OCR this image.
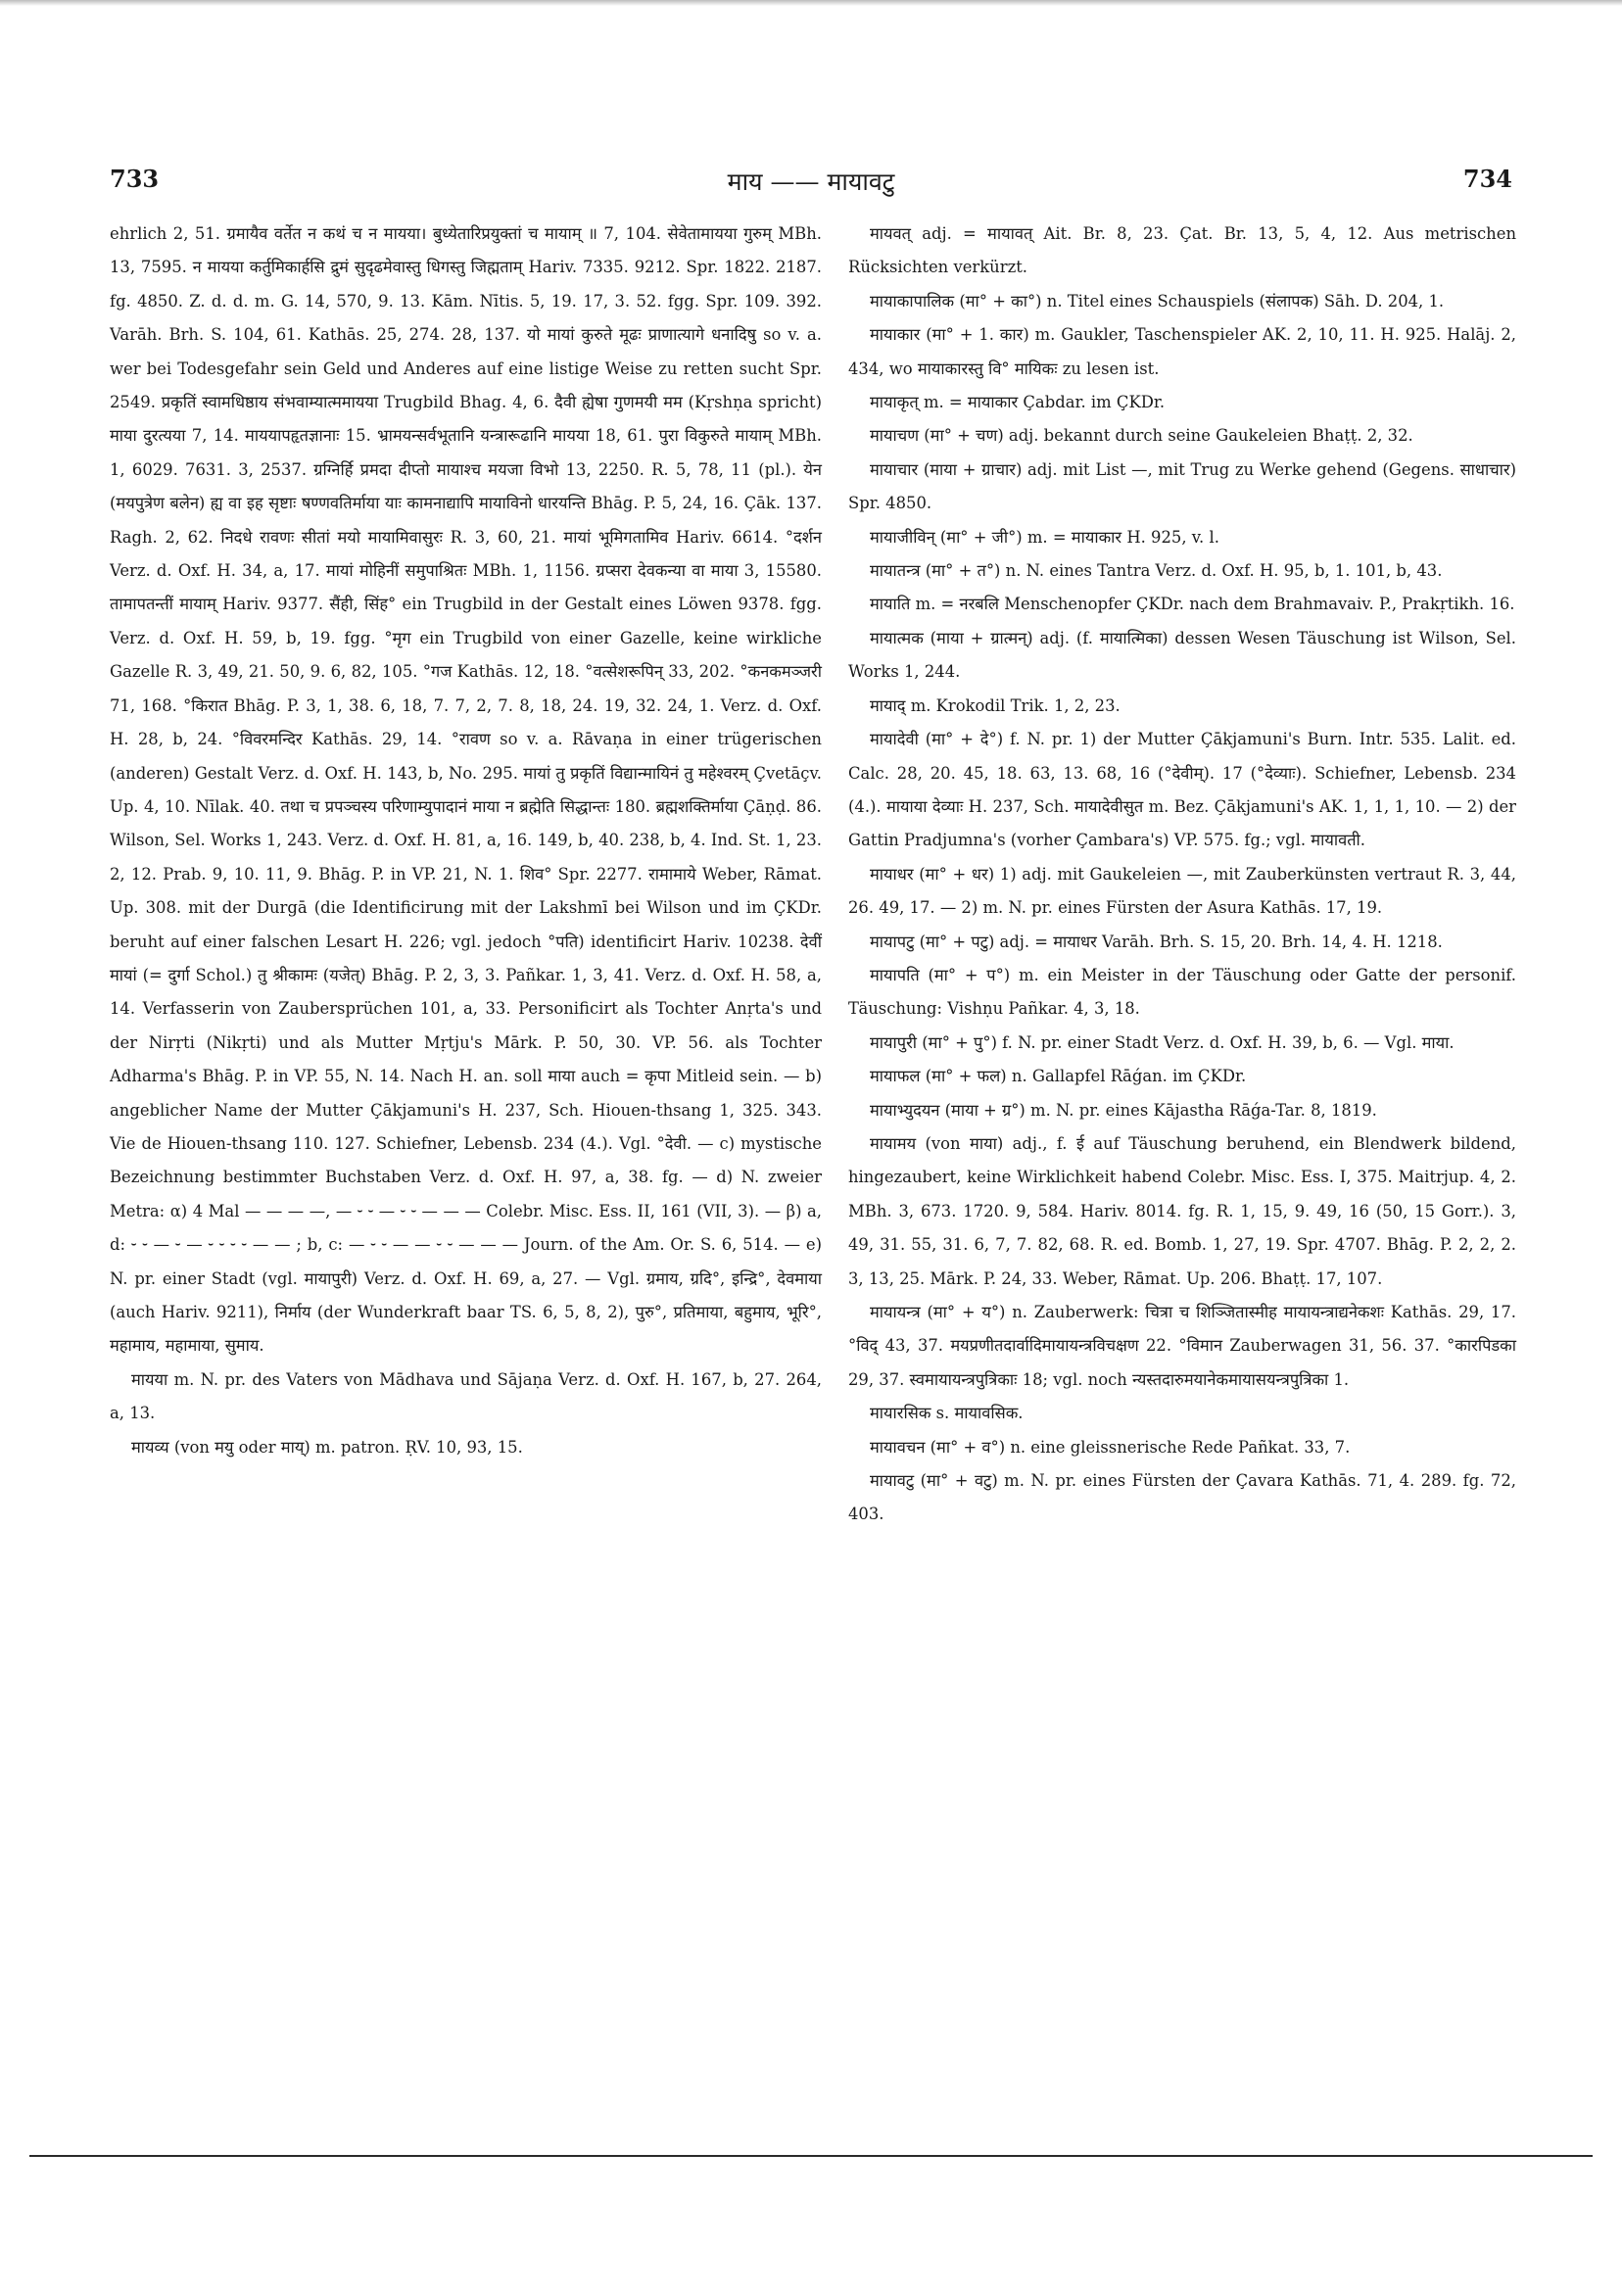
733	माय —— मायावटु	734

ehrlich 2, 51. ग्रमायैव वर्तेत न कथं च न मायया। बुध्येतारिप्रयुक्तां च मायाम् ॥ 7, 104. सेवेतामायया गुरुम् MBh. 13, 7595. न मायया कर्तुमिकार्हसि द्रुमं सुदृढमेवास्तु धिगस्तु जिह्मताम् Hariv. 7335. 9212. Spr. 1822. 2187. fg. 4850. Z. d. d. m. G. 14, 570, 9. 13. Kām. Nītis. 5, 19. 17, 3. 52. fgg. Spr. 109. 392. Varāh. Brh. S. 104, 61. Kathās. 25, 274. 28, 137. यो मायां कुरुते मूढः प्राणात्यागे धनादिषु so v. a. wer bei Todesgefahr sein Geld und Anderes auf eine listige Weise zu retten sucht Spr. 2549. प्रकृतिं स्वामधिष्ठाय संभवाम्यात्ममायया Trugbild Bhag. 4, 6. दैवी ह्येषा गुणमयी मम (Kṛshṇa spricht) माया दुरत्यया 7, 14. माययापहृतज्ञानाः 15. भ्रामयन्सर्वभूतानि यन्त्रारूढानि मायया 18, 61. पुरा विकुरुते मायाम् MBh. 1, 6029. 7631. 3, 2537. ग्रग्निर्हि प्रमदा दीप्तो मायाश्च मयजा विभो 13, 2250. R. 5, 78, 11 (pl.). येन (मयपुत्रेण बलेन) ह्य वा इह सृष्टाः षण्णवतिर्माया याः कामनाद्यापि मायाविनो धारयन्ति Bhāg. P. 5, 24, 16. Çāk. 137. Ragh. 2, 62. निदधे रावणः सीतां मयो मायामिवासुरः R. 3, 60, 21. मायां भूमिगतामिव Hariv. 6614. °दर्शन Verz. d. Oxf. H. 34, a, 17. मायां मोहिनीं समुपाश्रितः MBh. 1, 1156. ग्रप्सरा देवकन्या वा माया 3, 15580. तामापतन्तीं मायाम् Hariv. 9377. सैंही, सिंह° ein Trugbild in der Gestalt eines Löwen 9378. fgg. Verz. d. Oxf. H. 59, b, 19. fgg. °मृग ein Trugbild von einer Gazelle, keine wirkliche Gazelle R. 3, 49, 21. 50, 9. 6, 82, 105. °गज Kathās. 12, 18. °वत्सेशरूपिन् 33, 202. °कनकमञ्जरी 71, 168. °किरात Bhāg. P. 3, 1, 38. 6, 18, 7. 7, 2, 7. 8, 18, 24. 19, 32. 24, 1. Verz. d. Oxf. H. 28, b, 24. °विवरमन्दिर Kathās. 29, 14. °रावण so v. a. Rāvaṇa in einer trügerischen (anderen) Gestalt Verz. d. Oxf. H. 143, b, No. 295. मायां तु प्रकृतिं विद्यान्मायिनं तु महेश्वरम् Çvetāçv. Up. 4, 10. Nīlak. 40. तथा च प्रपञ्चस्य परिणाम्युपादानं माया न ब्रह्मेति सिद्धान्तः 180. ब्रह्मशक्तिर्माया Çāṇḍ. 86. Wilson, Sel. Works 1, 243. Verz. d. Oxf. H. 81, a, 16. 149, b, 40. 238, b, 4. Ind. St. 1, 23. 2, 12. Prab. 9, 10. 11, 9. Bhāg. P. in VP. 21, N. 1. शिव° Spr. 2277. रामामाये Weber, Rāmat. Up. 308. mit der Durgā (die Identificirung mit der Lakshmī bei Wilson und im ÇKDr. beruht auf einer falschen Lesart H. 226; vgl. jedoch °पति) identificirt Hariv. 10238. देवीं मायां (= दुर्गा Schol.) तु श्रीकामः (यजेत्) Bhāg. P. 2, 3, 3. Pañkar. 1, 3, 41. Verz. d. Oxf. H. 58, a, 14. Verfasserin von Zaubersprüchen 101, a, 33. Personificirt als Tochter Anṛta's und der Nirṛti (Nikṛti) und als Mutter Mṛtju's Mārk. P. 50, 30. VP. 56. als Tochter Adharma's Bhāg. P. in VP. 55, N. 14. Nach H. an. soll माया auch = कृपा Mitleid sein. — b) angeblicher Name der Mutter Çākjamuni's H. 237, Sch. Hiouen-thsang 1, 325. 343. Vie de Hiouen-thsang 110. 127. Schiefner, Lebensb. 234 (4.). Vgl. °देवी. — c) mystische Bezeichnung bestimmter Buchstaben Verz. d. Oxf. H. 97, a, 38. fg. — d) N. zweier Metra: α) 4 Mal — — — —, — ⏑ ⏑ — ⏑ ⏑ — — — Colebr. Misc. Ess. II, 161 (VII, 3). — β) a, d: ⏑ ⏑ — ⏑ — ⏑ ⏑ ⏑ ⏑ — — ; b, c: — ⏑ ⏑ — — ⏑ ⏑ — — — Journ. of the Am. Or. S. 6, 514. — e) N. pr. einer Stadt (vgl. मायापुरी) Verz. d. Oxf. H. 69, a, 27. — Vgl. ग्रमाय, ग्रदि°, इन्द्रि°, देवमाया (auch Hariv. 9211), निर्माय (der Wunderkraft baar TS. 6, 5, 8, 2), पुरु°, प्रतिमाया, बहुमाय, भूरि°, महामाय, महामाया, सुमाय.

मायया m. N. pr. des Vaters von Mādhava und Sājaṇa Verz. d. Oxf. H. 167, b, 27. 264, a, 13.

मायव्य (von मयु oder माय्) m. patron. ṚV. 10, 93, 15.

मायवत् adj. = मायावत् Ait. Br. 8, 23. Çat. Br. 13, 5, 4, 12. Aus metrischen Rücksichten verkürzt.

मायाकापालिक (मा° + का°) n. Titel eines Schauspiels (संलापक) Sāh. D. 204, 1.

मायाकार (मा° + 1. कार) m. Gaukler, Taschenspieler AK. 2, 10, 11. H. 925. Halāj. 2, 434, wo मायाकारस्तु वि° मायिकः zu lesen ist.

मायाकृत् m. = मायाकार Çabdar. im ÇKDr.

मायाचण (मा° + चण) adj. bekannt durch seine Gaukeleien Bhaṭṭ. 2, 32.

मायाचार (माया + ग्राचार) adj. mit List —, mit Trug zu Werke gehend (Gegens. साधाचार) Spr. 4850.

मायाजीविन् (मा° + जी°) m. = मायाकार H. 925, v. l.

मायातन्त्र (मा° + त°) n. N. eines Tantra Verz. d. Oxf. H. 95, b, 1. 101, b, 43.

मायाति m. = नरबलि Menschenopfer ÇKDr. nach dem Brahmavaiv. P., Prakṛtikh. 16.

मायात्मक (माया + ग्रात्मन्) adj. (f. मायात्मिका) dessen Wesen Täuschung ist Wilson, Sel. Works 1, 244.

मायाद् m. Krokodil Trik. 1, 2, 23.

मायादेवी (मा° + दे°) f. N. pr. 1) der Mutter Çākjamuni's Burn. Intr. 535. Lalit. ed. Calc. 28, 20. 45, 18. 63, 13. 68, 16 (°देवीम्). 17 (°देव्याः). Schiefner, Lebensb. 234 (4.). मायाया देव्याः H. 237, Sch. मायादेवीसुत m. Bez. Çākjamuni's AK. 1, 1, 1, 10. — 2) der Gattin Pradjumna's (vorher Çambara's) VP. 575. fg.; vgl. मायावती.

मायाधर (मा° + धर) 1) adj. mit Gaukeleien —, mit Zauberkünsten vertraut R. 3, 44, 26. 49, 17. — 2) m. N. pr. eines Fürsten der Asura Kathās. 17, 19.

मायापटु (मा° + पटु) adj. = मायाधर Varāh. Brh. S. 15, 20. Brh. 14, 4. H. 1218.

मायापति (मा° + प°) m. ein Meister in der Täuschung oder Gatte der personif. Täuschung: Vishṇu Pañkar. 4, 3, 18.

मायापुरी (मा° + पु°) f. N. pr. einer Stadt Verz. d. Oxf. H. 39, b, 6. — Vgl. माया.

मायाफल (मा° + फल) n. Gallapfel Rāǵan. im ÇKDr.

मायाभ्युदयन (माया + ग्र°) m. N. pr. eines Kājastha Rāǵa-Tar. 8, 1819.

मायामय (von माया) adj., f. ई auf Täuschung beruhend, ein Blendwerk bildend, hingezaubert, keine Wirklichkeit habend Colebr. Misc. Ess. I, 375. Maitrjup. 4, 2. MBh. 3, 673. 1720. 9, 584. Hariv. 8014. fg. R. 1, 15, 9. 49, 16 (50, 15 Gorr.). 3, 49, 31. 55, 31. 6, 7, 7. 82, 68. R. ed. Bomb. 1, 27, 19. Spr. 4707. Bhāg. P. 2, 2, 2. 3, 13, 25. Mārk. P. 24, 33. Weber, Rāmat. Up. 206. Bhaṭṭ. 17, 107.

मायायन्त्र (मा° + य°) n. Zauberwerk: चित्रा च शिञ्जितास्मीह मायायन्त्राद्यनेकशः Kathās. 29, 17. °विद् 43, 37. मयप्रणीतदार्वादिमायायन्त्रविचक्षण 22. °विमान Zauberwagen 31, 56. 37. °कारपिडका 29, 37. स्वमायायन्त्रपुत्रिकाः 18; vgl. noch न्यस्तदारुमयानेकमायासयन्त्रपुत्रिका 1.

मायारसिक s. मायावसिक.

मायावचन (मा° + व°) n. eine gleissnerische Rede Pañkat. 33, 7.

मायावटु (मा° + वटु) m. N. pr. eines Fürsten der Çavara Kathās. 71, 4. 289. fg. 72, 403.
